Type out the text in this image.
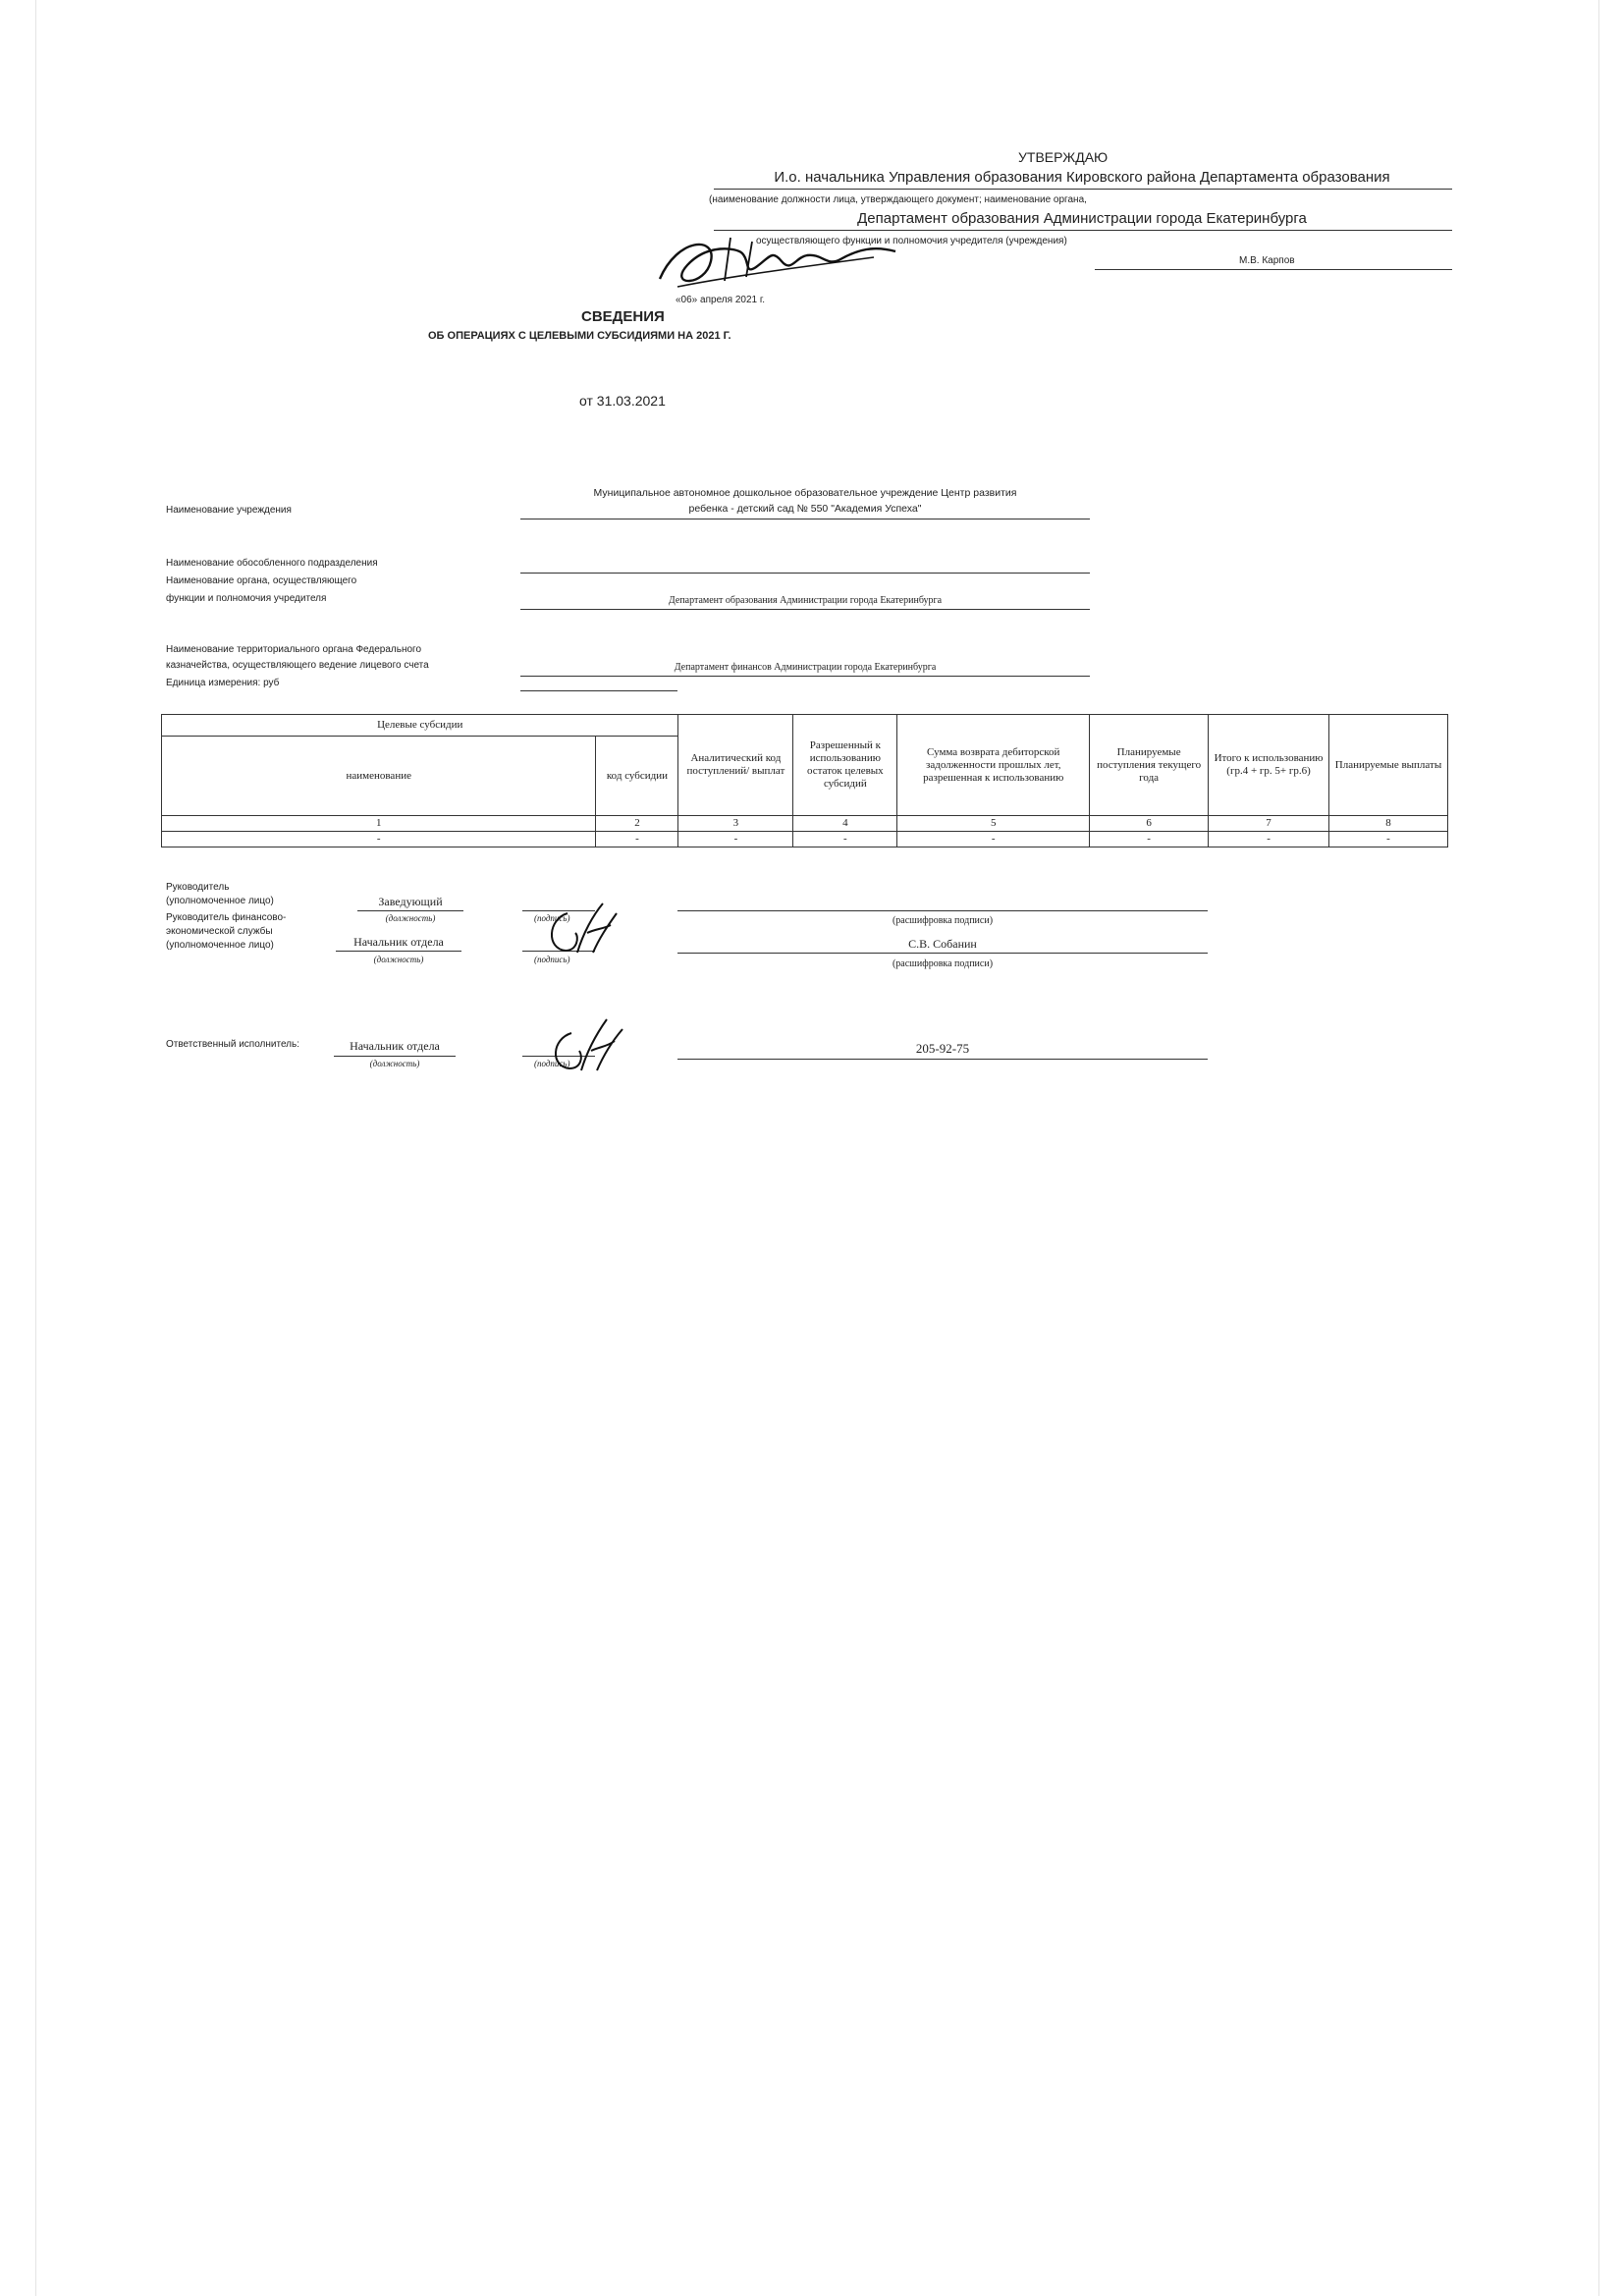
УТВЕРЖДАЮ
И.о. начальника Управления образования Кировского района Департамента образования
(наименование должности лица, утверждающего документ; наименование органа,
Департамент образования Администрации города Екатеринбурга
осуществляющего функции и полномочия учредителя (учреждения)
М.В. Карпов
«06» апреля 2021 г.
СВЕДЕНИЯ
ОБ ОПЕРАЦИЯХ С ЦЕЛЕВЫМИ СУБСИДИЯМИ НА 2021 Г.
от 31.03.2021
Наименование учреждения
Муниципальное автономное дошкольное образовательное учреждение Центр развития
ребенка - детский сад № 550 "Академия Успеха"
Наименование обособленного подразделения
Наименование органа, осуществляющего
функции и полномочия учредителя	Департамент образования Администрации города Екатеринбурга
Наименование территориального органа Федерального
казначейства, осуществляющего ведение лицевого счета	Департамент финансов Администрации города Екатеринбурга
Единица измерения: руб
Целевые субсидии		Аналитический код поступлений/ выплат	Разрешенный к использованию остаток целевых субсидий	Сумма возврата дебиторской задолженности прошлых лет, разрешенная к использованию	Планируемые поступления текущего года	Итого к использованию (гр.4 + гр. 5+ гр.6)	Планируемые выплаты
наименование	код субсидии						
1	2	3	4	5	6	7	8
-	-	-	-	-	-	-	-
Руководитель
(уполномоченное лицо)	Заведующий
(должность)	(подпись)	(расшифровка подписи)
Руководитель финансово-
экономической службы
(уполномоченное лицо)	Начальник отдела
(должность)	(подпись)
С.В. Собанин
(расшифровка подписи)
Ответственный исполнитель:	Начальник отдела
(должность)	(подпись)
205-92-75
